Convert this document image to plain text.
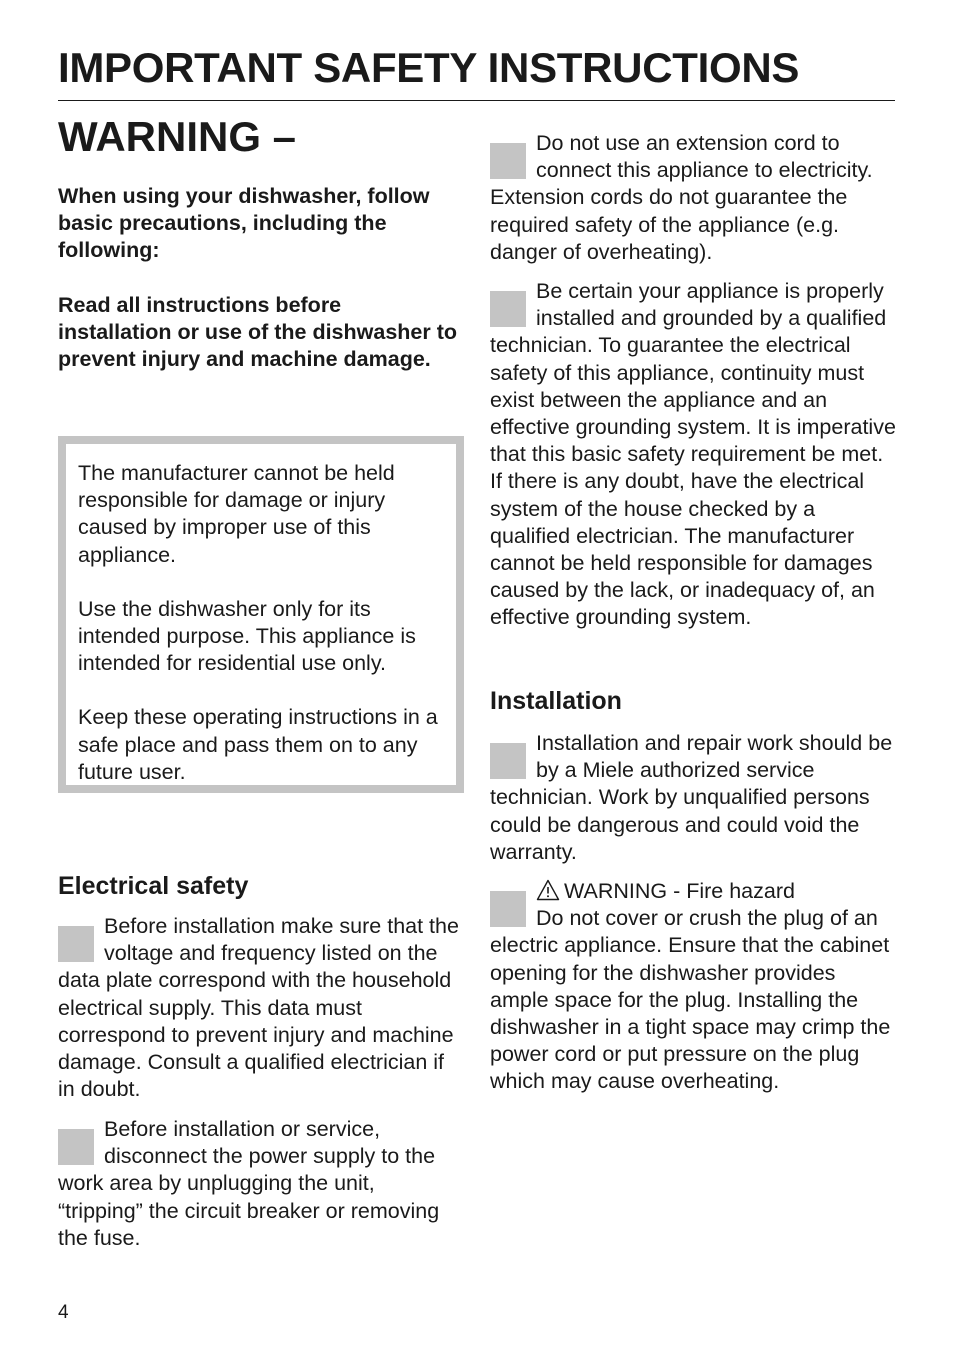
IMPORTANT SAFETY INSTRUCTIONS
WARNING –

When using your dishwasher, follow basic precautions, including the following:

Read all instructions before installation or use of the dishwasher to prevent injury and machine damage.

The manufacturer cannot be held responsible for damage or injury caused by improper use of this appliance.

Use the dishwasher only for its intended purpose. This appliance is intended for residential use only.

Keep these operating instructions in a safe place and pass them on to any future user.

Electrical safety

Before installation make sure that the voltage and frequency listed on the data plate correspond with the household electrical supply. This data must correspond to prevent injury and machine damage. Consult a qualified electrician if in doubt.

Before installation or service, disconnect the power supply to the work area by unplugging the unit, “tripping” the circuit breaker or removing the fuse.

Do not use an extension cord to connect this appliance to electricity. Extension cords do not guarantee the required safety of the appliance (e.g. danger of overheating).

Be certain your appliance is properly installed and grounded by a qualified technician. To guarantee the electrical safety of this appliance, continuity must exist between the appliance and an effective grounding system. It is imperative that this basic safety requirement be met. If there is any doubt, have the electrical system of the house checked by a qualified electrician. The manufacturer cannot be held responsible for damages caused by the lack, or inadequacy of, an effective grounding system.

Installation

Installation and repair work should be by a Miele authorized service technician. Work by unqualified persons could be dangerous and could void the warranty.

WARNING - Fire hazard

Do not cover or crush the plug of an electric appliance. Ensure that the cabinet opening for the dishwasher provides ample space for the plug. Installing the dishwasher in a tight space may crimp the power cord or put pressure on the plug which may cause overheating.

4
